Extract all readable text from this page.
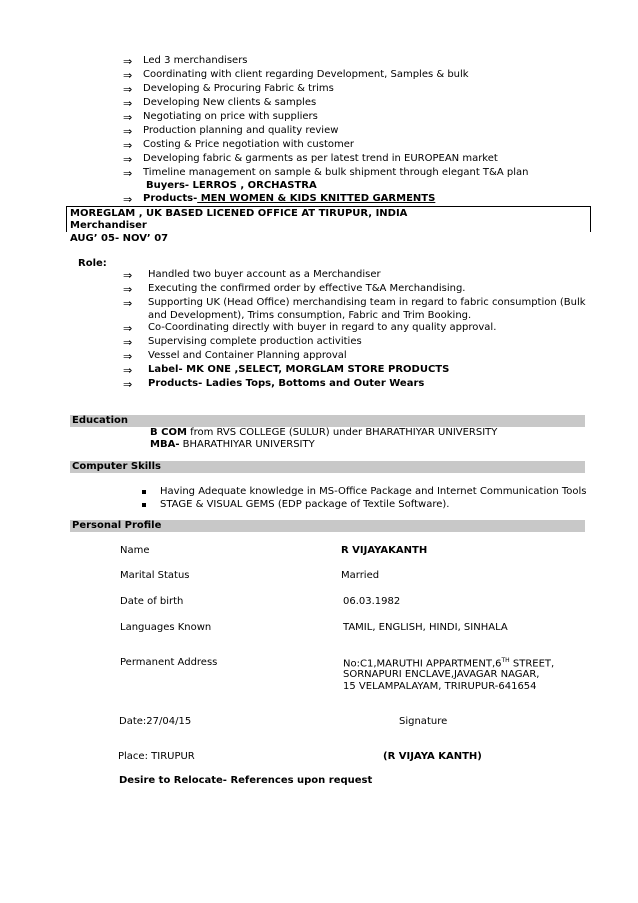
⇒ Led 3 merchandisers
⇒ Coordinating with client regarding Development, Samples & bulk
⇒ Developing & Procuring Fabric & trims
⇒ Developing New clients & samples
⇒ Negotiating on price with suppliers
⇒ Production planning and quality review
⇒ Costing & Price negotiation with customer
⇒ Developing fabric & garments as per latest trend in EUROPEAN market
⇒ Timeline management on sample & bulk shipment through elegant T&A plan
Buyers- LERROS , ORCHASTRA
⇒ Products- MEN WOMEN & KIDS KNITTED GARMENTS
MOREGLAM , UK BASED LICENED OFFICE AT TIRUPUR, INDIA
Merchandiser
AUG’ 05- NOV’ 07
Role:
⇒ Handled two buyer account as a Merchandiser
⇒ Executing the confirmed order by effective T&A Merchandising.
⇒ Supporting UK (Head Office) merchandising team in regard to fabric consumption (Bulk
and Development), Trims consumption, Fabric and Trim Booking.
⇒ Co-Coordinating directly with buyer in regard to any quality approval.
⇒ Supervising complete production activities
⇒ Vessel and Container Planning approval
⇒ Label- MK ONE ,SELECT, MORGLAM STORE PRODUCTS
⇒ Products- Ladies Tops, Bottoms and Outer Wears
Education
B COM from RVS COLLEGE (SULUR) under BHARATHIYAR UNIVERSITY
MBA- BHARATHIYAR UNIVERSITY
Computer Skills
Having Adequate knowledge in MS-Office Package and Internet Communication Tools
STAGE & VISUAL GEMS (EDP package of Textile Software).
Personal Profile
Name	R VIJAYAKANTH
Marital Status	Married
Date of birth	06.03.1982
Languages Known	TAMIL, ENGLISH, HINDI, SINHALA
Permanent Address	No:C1,MARUTHI APPARTMENT,6TH STREET,
SORNAPURI ENCLAVE,JAVAGAR NAGAR,
15 VELAMPALAYAM, TRIRUPUR-641654
Date:27/04/15	Signature
Place: TIRUPUR	(R VIJAYA KANTH)
Desire to Relocate- References upon request
